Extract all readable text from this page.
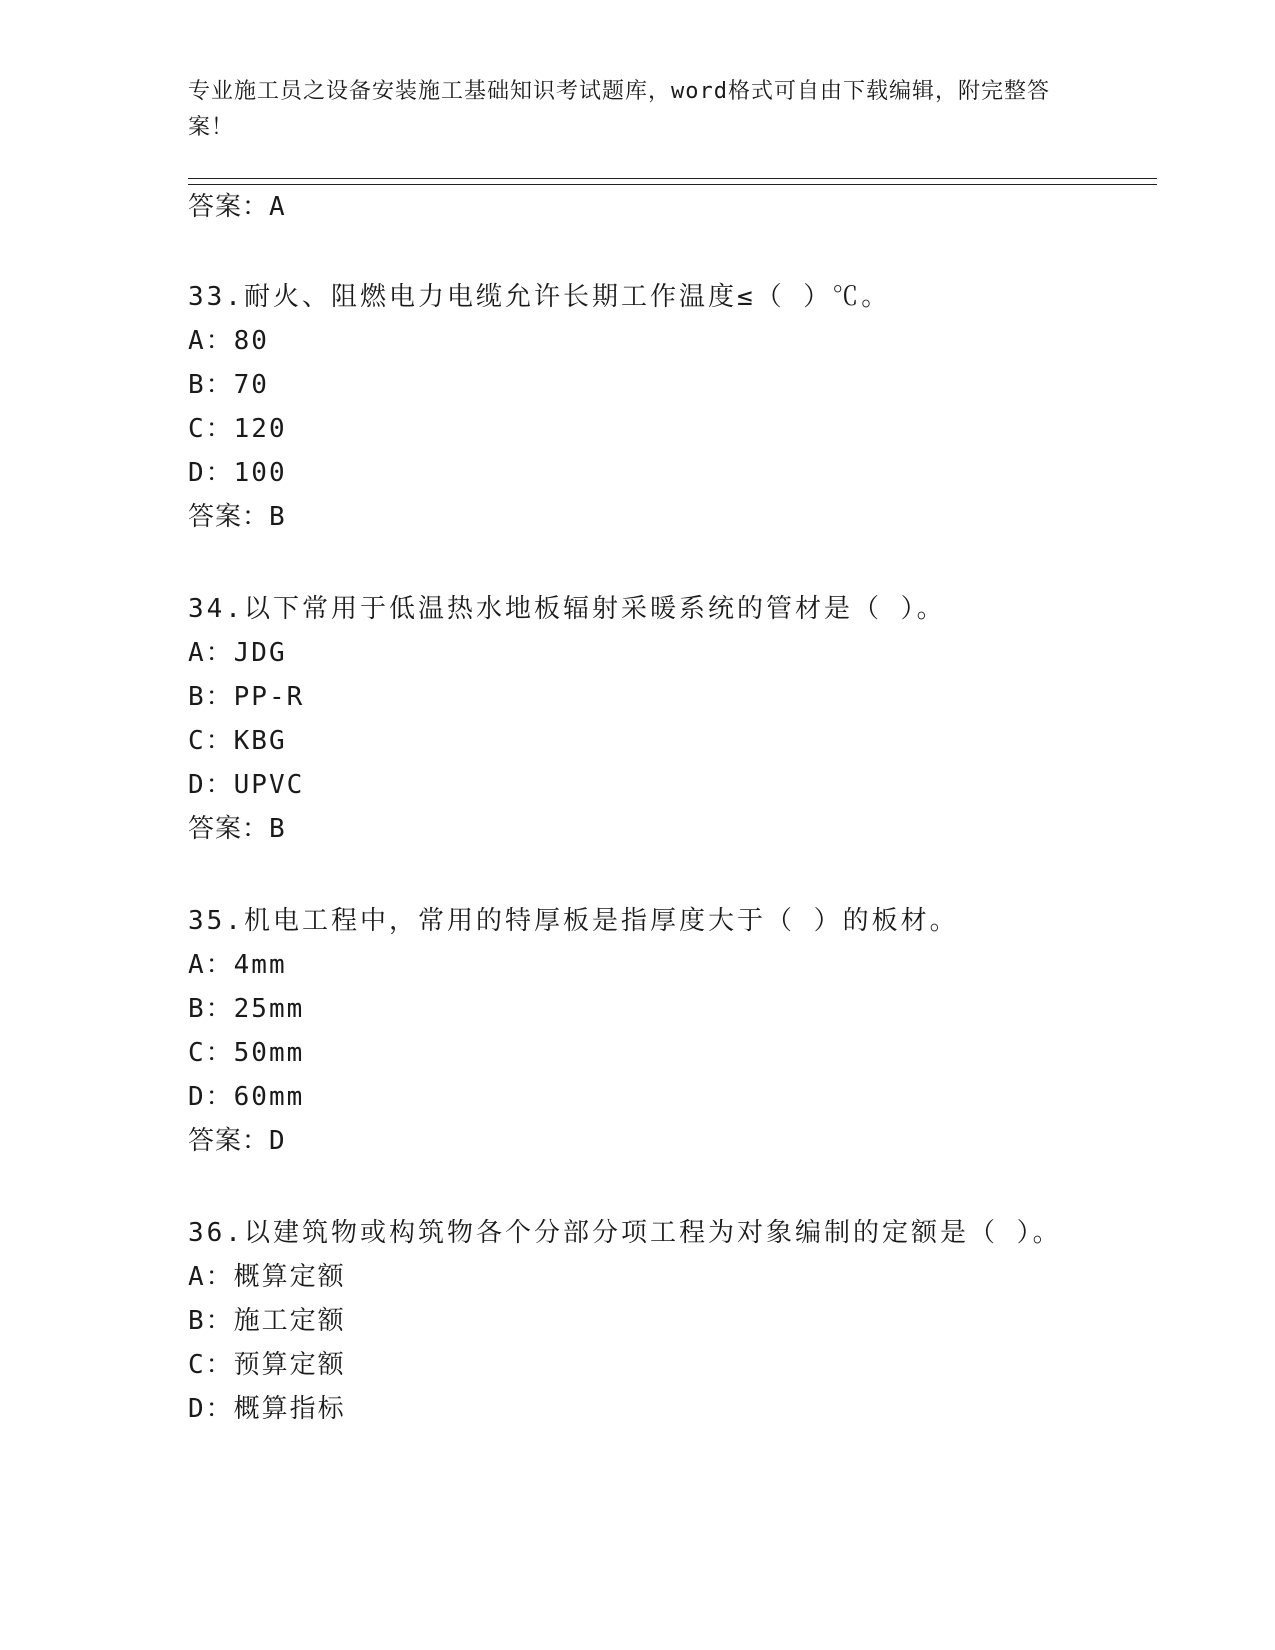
专业施工员之设备安装施工基础知识考试题库，word格式可自由下载编辑，附完整答案！
答案：A
33.耐火、阻燃电力电缆允许长期工作温度≤（ ）℃。
A：80
B：70
C：120
D：100
答案：B
34.以下常用于低温热水地板辐射采暖系统的管材是（ ）。
A：JDG
B：PP-R
C：KBG
D：UPVC
答案：B
35.机电工程中，常用的特厚板是指厚度大于（ ）的板材。
A：4mm
B：25mm
C：50mm
D：60mm
答案：D
36.以建筑物或构筑物各个分部分项工程为对象编制的定额是（ ）。
A：概算定额
B：施工定额
C：预算定额
D：概算指标
